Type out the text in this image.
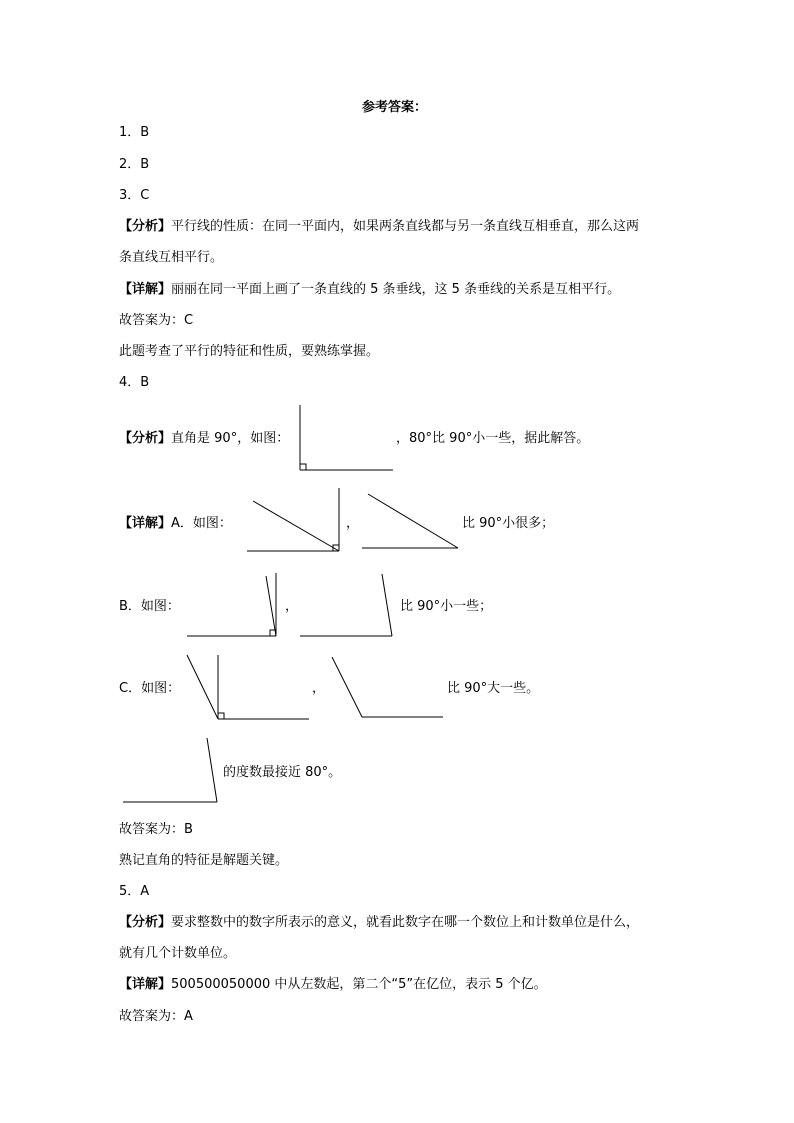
参考答案：
1．B
2．B
3．C
【分析】平行线的性质：在同一平面内，如果两条直线都与另一条直线互相垂直，那么这两
条直线互相平行。
【详解】丽丽在同一平面上画了一条直线的 5 条垂线，这 5 条垂线的关系是互相平行。
故答案为：C
此题考查了平行的特征和性质，要熟练掌握。
4．B
【分析】直角是 90°，如图：	，80°比 90°小一些，据此解答。
【详解】A．如图：	，	比 90°小很多；
B．如图：	，	比 90°小一些；
C．如图：	，	比 90°大一些。
的度数最接近 80°。
故答案为：B
熟记直角的特征是解题关键。
5．A
【分析】要求整数中的数字所表示的意义，就看此数字在哪一个数位上和计数单位是什么，
就有几个计数单位。
【详解】500500050000 中从左数起，第二个“5”在亿位，表示 5 个亿。
故答案为：A
